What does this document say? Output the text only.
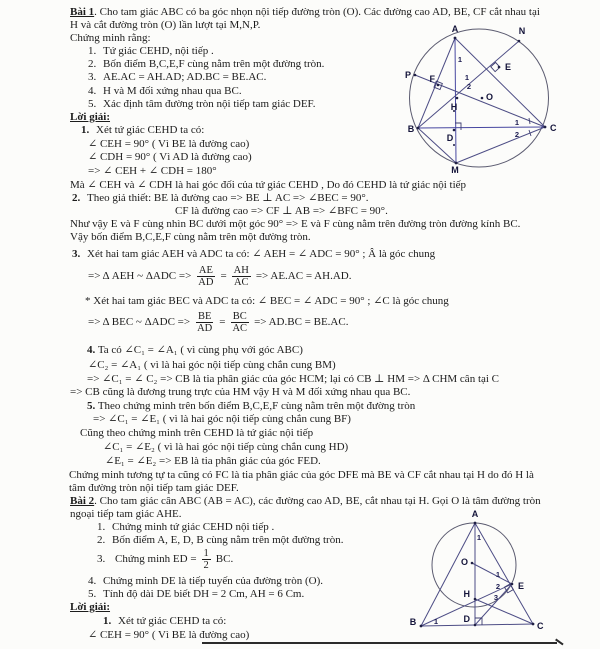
Bài 1. Cho tam giác ABC có ba góc nhọn nội tiếp đường tròn (O). Các đường cao AD, BE, CF cắt nhau tại
H và cắt đường tròn (O) lần lượt tại M,N,P.
Chứng minh rằng:
1. Tứ giác CEHD, nội tiếp .
2. Bốn điểm B,C,E,F cùng nằm trên một đường tròn.
3. AE.AC = AH.AD; AD.BC = BE.AC.
4. H và M đối xứng nhau qua BC.
5. Xác định tâm đường tròn nội tiếp tam giác DEF.
Lời giải:
1. Xét tứ giác CEHD ta có:
∠ CEH = 90° ( Vì BE là đường cao)
∠ CDH = 90° ( Vì AD là đường cao)
=> ∠ CEH + ∠ CDH = 180°
Mà ∠ CEH và ∠ CDH là hai góc đối của tứ giác CEHD , Do đó CEHD là tứ giác nội tiếp
2. Theo giả thiết: BE là đường cao => BE ⊥ AC => ∠BEC = 90°.
CF là đường cao => CF ⊥ AB => ∠BFC = 90°.
Như vậy E và F cùng nhìn BC dưới một góc 90° => E và F cùng nằm trên đường tròn đường kính BC.
Vậy bốn điểm B,C,E,F cùng nằm trên một đường tròn.
3. Xét hai tam giác AEH và ADC ta có: ∠ AEH = ∠ ADC = 90° ; Â là góc chung
=> Δ AEH ~ $\Delta ADC => \frac{AE}{AD} = \frac{AH}{AC} => AE.AC = AH.AD$.
* Xét hai tam giác BEC và ADC ta có: ∠ BEC = ∠ ADC = 90° ; ∠C là góc chung
=> Δ BEC ~ $\Delta ADC => \frac{BE}{AD} = \frac{BC}{AC} => AD.BC = BE.AC$.
4. Ta có ∠C₁ = ∠A₁ ( vì cùng phụ với góc ABC)
∠C₂ = ∠A₁ ( vì là hai góc nội tiếp cùng chắn cung BM)
=> ∠C₁ = ∠ C₂ => CB là tia phân giác của góc HCM; lại có CB ⊥ HM => Δ CHM cân tại C
=> CB cũng là đương trung trực của HM vậy H và M đối xứng nhau qua BC.
5. Theo chứng minh trên bốn điểm B,C,E,F cùng nằm trên một đường tròn
=> ∠C₁ = ∠E₁ ( vì là hai góc nội tiếp cùng chắn cung BF)
Cũng theo chứng minh trên CEHD là tứ giác nội tiếp
∠C₁ = ∠E₂ ( vì là hai góc nội tiếp cùng chắn cung HD)
∠E₁ = ∠E₂ => EB là tia phân giác của góc FED.
Chứng minh tương tự ta cũng có FC là tia phân giác của góc DFE mà BE và CF cắt nhau tại H do đó H là
tâm đường tròn nội tiếp tam giác DEF.
Bài 2. Cho tam giác cân ABC (AB = AC), các đường cao AD, BE, cắt nhau tại H. Gọi O là tâm đường tròn
ngoại tiếp tam giác AHE.
1. Chứng minh tứ giác CEHD nội tiếp .
2. Bốn điểm A, E, D, B cùng nằm trên một đường tròn.
3. Chứng minh ED = $\frac{1}{2}$ BC.
4. Chứng minh DE là tiếp tuyến của đường tròn (O).
5. Tính độ dài DE biết DH = 2 Cm, AH = 6 Cm.
Lời giải:
1. Xét tứ giác CEHD ta có:
∠ CEH = 90° ( Vì BE là đường cao)
A	N
P F
E
H
O
B	C
D
M
1
1
2
1
2
A
O
E
H
B	D
C
1
1
1
2
3
